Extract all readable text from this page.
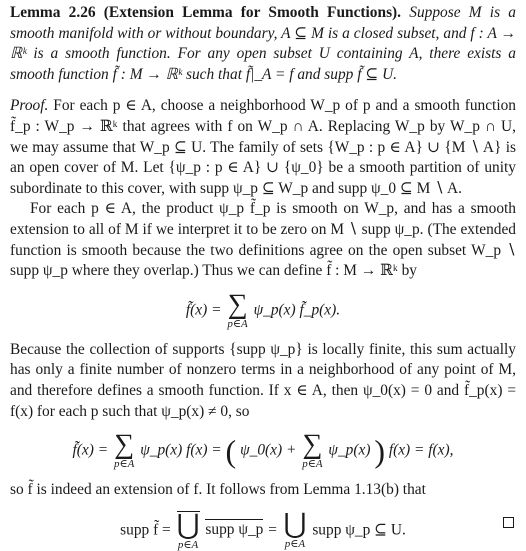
Lemma 2.26 (Extension Lemma for Smooth Functions). Suppose M is a smooth manifold with or without boundary, A ⊆ M is a closed subset, and f : A → ℝᵏ is a smooth function. For any open subset U containing A, there exists a smooth function f̃ : M → ℝᵏ such that f̃|_A = f and supp f̃ ⊆ U.

Proof. For each p ∈ A, choose a neighborhood W_p of p and a smooth function f̃_p : W_p → ℝᵏ that agrees with f on W_p ∩ A. Replacing W_p by W_p ∩ U, we may assume that W_p ⊆ U. The family of sets {W_p : p ∈ A} ∪ {M ∖ A} is an open cover of M. Let {ψ_p : p ∈ A} ∪ {ψ_0} be a smooth partition of unity subordinate to this cover, with supp ψ_p ⊆ W_p and supp ψ_0 ⊆ M ∖ A.

For each p ∈ A, the product ψ_p f̃_p is smooth on W_p, and has a smooth extension to all of M if we interpret it to be zero on M ∖ supp ψ_p. (The extended function is smooth because the two definitions agree on the open subset W_p ∖ supp ψ_p where they overlap.) Thus we can define f̃ : M → ℝᵏ by

f̃(x) = ∑
p∈A
ψ_p(x) f̃_p(x).

Because the collection of supports {supp ψ_p} is locally finite, this sum actually has only a finite number of nonzero terms in a neighborhood of any point of M, and therefore defines a smooth function. If x ∈ A, then ψ_0(x) = 0 and f̃_p(x) = f(x) for each p such that ψ_p(x) ≠ 0, so

f̃(x) = ∑
p∈A
ψ_p(x) f(x) = ( ψ_0(x) + ∑
p∈A
ψ_p(x) ) f(x) = f(x),

so f̃ is indeed an extension of f. It follows from Lemma 1.13(b) that

supp f̃ = ⋃
p∈A
supp ψ_p = ⋃
p∈A
supp ψ_p ⊆ U.
